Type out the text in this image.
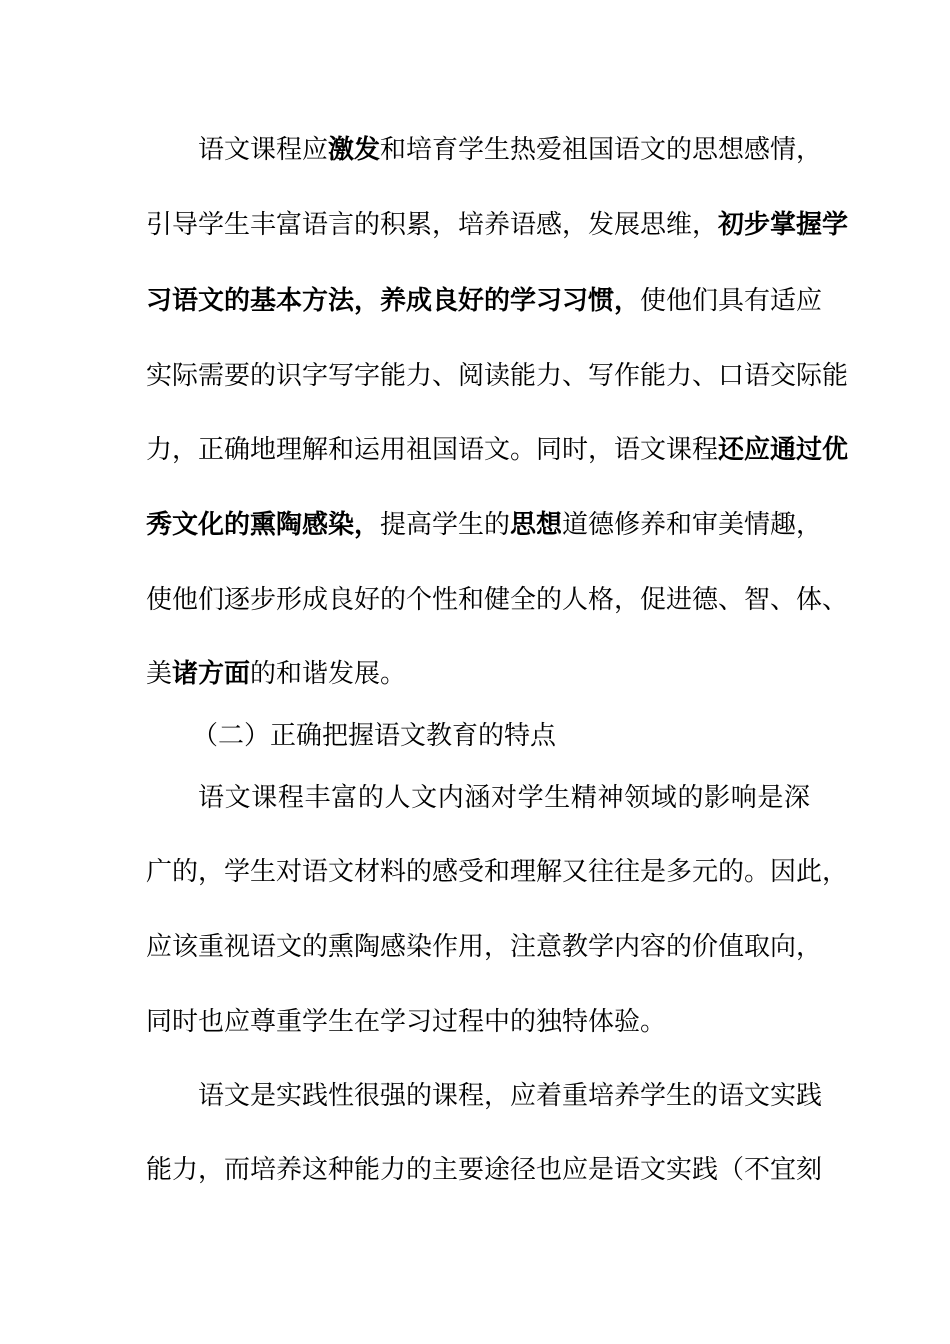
语文课程应激发和培育学生热爱祖国语文的思想感情，
引导学生丰富语言的积累，培养语感，发展思维，初步掌握学
习语文的基本方法，养成良好的学习习惯，使他们具有适应
实际需要的识字写字能力、阅读能力、写作能力、口语交际能
力，正确地理解和运用祖国语文。同时，语文课程还应通过优
秀文化的熏陶感染，提高学生的思想道德修养和审美情趣，
使他们逐步形成良好的个性和健全的人格，促进德、智、体、
美诸方面的和谐发展。
（二）正确把握语文教育的特点
语文课程丰富的人文内涵对学生精神领域的影响是深
广的，学生对语文材料的感受和理解又往往是多元的。因此，
应该重视语文的熏陶感染作用，注意教学内容的价值取向，
同时也应尊重学生在学习过程中的独特体验。
语文是实践性很强的课程，应着重培养学生的语文实践
能力，而培养这种能力的主要途径也应是语文实践（不宜刻
